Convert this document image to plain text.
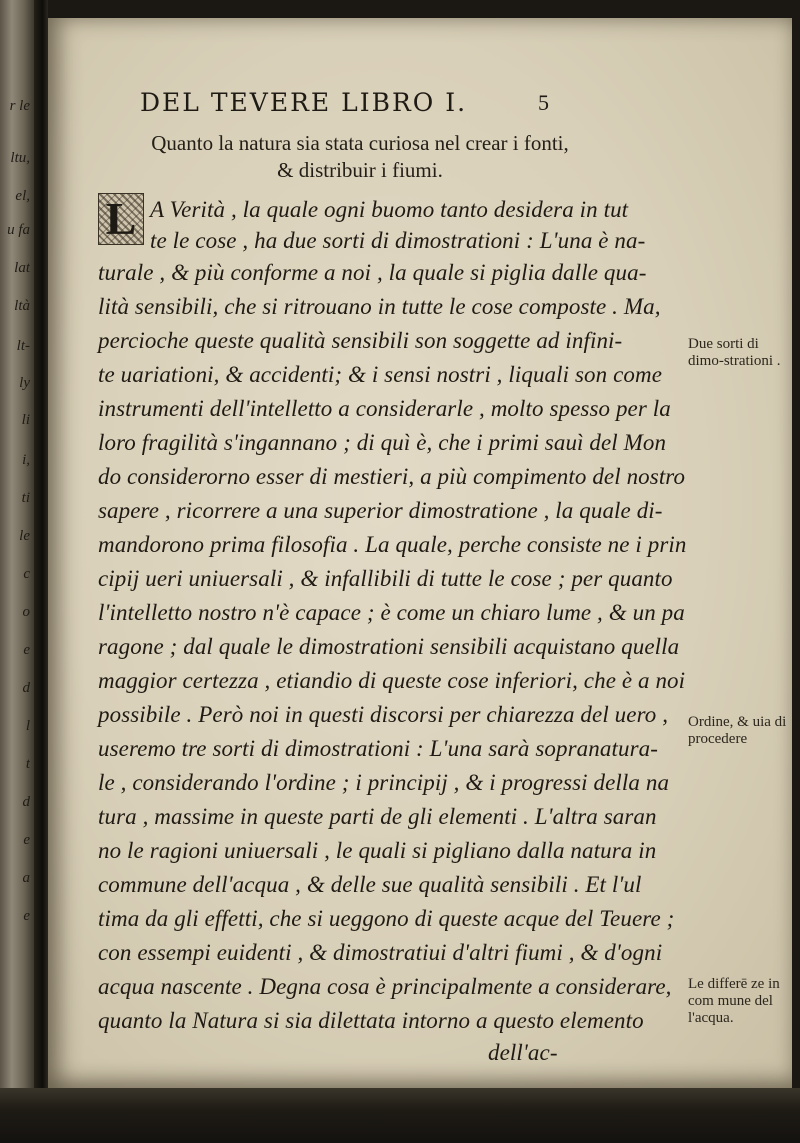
r le
ltu,
el,
u fa
lat
ltà
lt-
ly
li
i,
ti
le
c
o
e
d
l
t
d
e
a
e
DEL TEVERE LIBRO I.	5
Quanto la natura sia stata curiosa nel crear i fonti,
& distribuir i fiumi.
L A Verità , la quale ogni buomo tanto desidera in tut
te le cose , ha due sorti di dimostrationi : L'una è na-
turale , & più conforme a noi , la quale si piglia dalle qua-
lità sensibili, che si ritrouano in tutte le cose composte . Ma,
percioche queste qualità sensibili son soggette ad infini-
te uariationi, & accidenti; & i sensi nostri , liquali son come
instrumenti dell'intelletto a considerarle , molto spesso per la
loro fragilità s'ingannano ; di quì è, che i primi sauì del Mon
do considerorno esser di mestieri, a più compimento del nostro
sapere , ricorrere a una superior dimostratione , la quale di-
mandorono prima filosofia . La quale, perche consiste ne i prin
cipij ueri uniuersali , & infallibili di tutte le cose ; per quanto
l'intelletto nostro n'è capace ; è come un chiaro lume , & un pa
ragone ; dal quale le dimostrationi sensibili acquistano quella
maggior certezza , etiandio di queste cose inferiori, che è a noi
possibile . Però noi in questi discorsi per chiarezza del uero ,
useremo tre sorti di dimostrationi : L'una sarà sopranatura-
le , considerando l'ordine ; i principij , & i progressi della na
tura , massime in queste parti de gli elementi . L'altra saran
no le ragioni uniuersali , le quali si pigliano dalla natura in
commune dell'acqua , & delle sue qualità sensibili . Et l'ul
tima da gli effetti, che si ueggono di queste acque del Teuere ;
con essempi euidenti , & dimostratiui d'altri fiumi , & d'ogni
acqua nascente . Degna cosa è principalmente a considerare,
quanto la Natura si sia dilettata intorno a questo elemento
dell'ac-
Due sorti di dimo-strationi .
Ordine, & uia di procedere
Le differē ze in com mune del l'acqua.
